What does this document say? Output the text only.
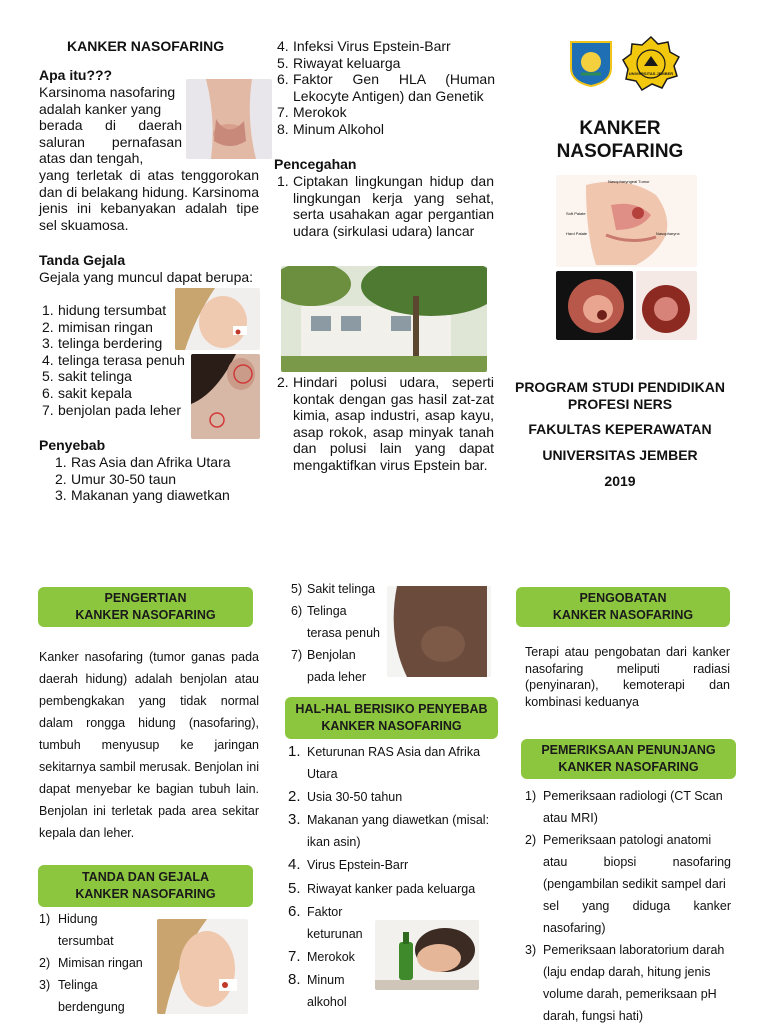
KANKER NASOFARING
Apa itu???
Karsinoma nasofaring
adalah kanker yang
berada di daerah
saluran pernafasan
atas dan tengah,
yang terletak di atas tenggorokan dan di belakang hidung. Karsinoma jenis ini kebanyakan adalah tipe sel skuamosa.
Tanda Gejala
Gejala yang muncul dapat berupa:
1. hidung tersumbat
2. mimisan ringan
3. telinga berdering
4. telinga terasa penuh
5. sakit telinga
6. sakit kepala
7. benjolan pada leher
Penyebab
1. Ras Asia dan Afrika Utara
2. Umur 30-50 taun
3. Makanan yang diawetkan
4. Infeksi Virus Epstein-Barr
5. Riwayat keluarga
6. Faktor Gen HLA (Human
Lekocyte Antigen) dan Genetik
7. Merokok
8. Minum Alkohol
Pencegahan
1. Ciptakan lingkungan hidup dan lingkungan kerja yang sehat, serta usahakan agar pergantian udara (sirkulasi udara) lancar
2. Hindari polusi udara, seperti kontak dengan gas hasil zat-zat kimia, asap industri, asap kayu, asap rokok, asap minyak tanah dan polusi lain yang dapat mengaktifkan virus Epstein bar.
UNIVERSITAS JEMBER
KANKER
NASOFARING
Nasopharyngeal Tumor
Soft Palate
Hard Palate	Nasopharynx
PROGRAM STUDI PENDIDIKAN
PROFESI NERS
FAKULTAS KEPERAWATAN
UNIVERSITAS JEMBER
2019
PENGERTIAN
KANKER NASOFARING
Kanker nasofaring (tumor ganas pada daerah hidung) adalah benjolan atau pembengkakan yang tidak normal dalam rongga hidung (nasofaring), tumbuh menyusup ke jaringan sekitarnya sambil merusak. Benjolan ini dapat menyebar ke bagian tubuh lain. Benjolan ini terletak pada area sekitar kepala dan leher.
TANDA DAN GEJALA
KANKER NASOFARING
1) Hidung
tersumbat
2) Mimisan ringan
3) Telinga
berdengung
5) Sakit telinga
6) Telinga
terasa penuh
7) Benjolan
pada leher
HAL-HAL BERISIKO PENYEBAB
KANKER NASOFARING
1. Keturunan RAS Asia dan Afrika
Utara
2. Usia 30-50 tahun
3. Makanan yang diawetkan (misal:
ikan asin)
4. Virus Epstein-Barr
5. Riwayat kanker pada keluarga
6. Faktor
keturunan
7. Merokok
8. Minum
alkohol
PENGOBATAN
KANKER NASOFARING
Terapi atau pengobatan dari kanker nasofaring meliputi radiasi (penyinaran), kemoterapi dan kombinasi keduanya
PEMERIKSAAN PENUNJANG
KANKER NASOFARING
1) Pemeriksaan radiologi (CT Scan
atau MRI)
2) Pemeriksaan patologi anatomi
atau biopsi nasofaring
(pengambilan sedikit sampel dari
sel yang diduga kanker
nasofaring)
3) Pemeriksaan laboratorium darah
(laju endap darah, hitung jenis
volume darah, pemeriksaan pH
darah, fungsi hati)
